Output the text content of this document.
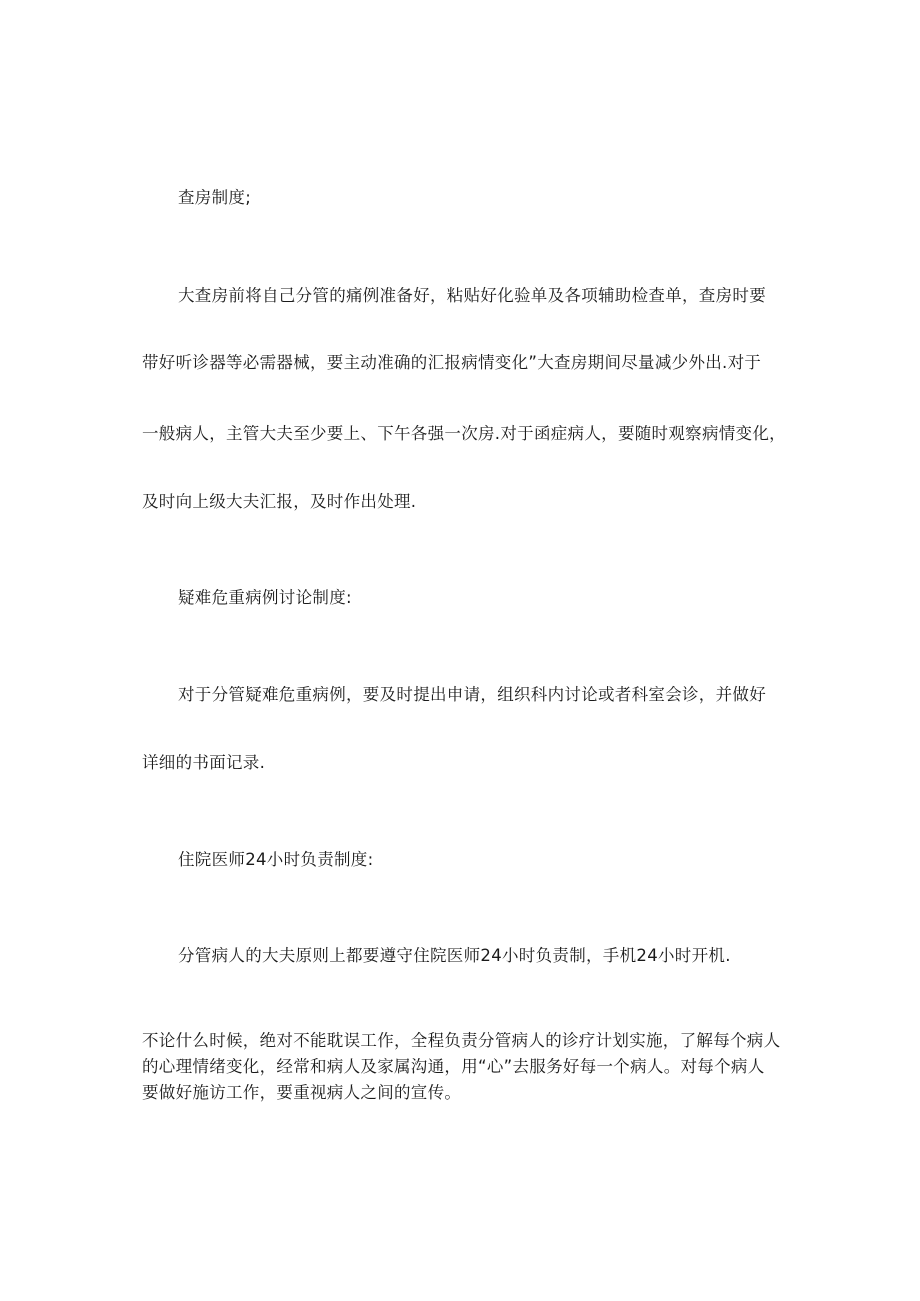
查房制度;
大查房前将自己分管的痛例准备好，粘贴好化验单及各项辅助检查单，查房时要
带好听诊器等必需器械，要主动准确的汇报病情变化”大查房期间尽量减少外出.对于
一般病人，主管大夫至少要上、下午各强一次房.对于函症病人，要随时观察病情变化，
及时向上级大夫汇报，及时作出处理.
疑难危重病例讨论制度:
对于分管疑难危重病例，要及时提出申请，组织科内讨论或者科室会诊，并做好
详细的书面记录.
住院医师24小时负责制度:
分管病人的大夫原则上都要遵守住院医师24小时负责制，手机24小时开机.

不论什么时候，绝对不能耽误工作，全程负责分管病人的诊疗计划实施，了解每个病人

的心理情绪变化，经常和病人及家属沟通，用“心”去服务好每一个病人。对每个病人

要做好施访工作，要重视病人之间的宣传。
